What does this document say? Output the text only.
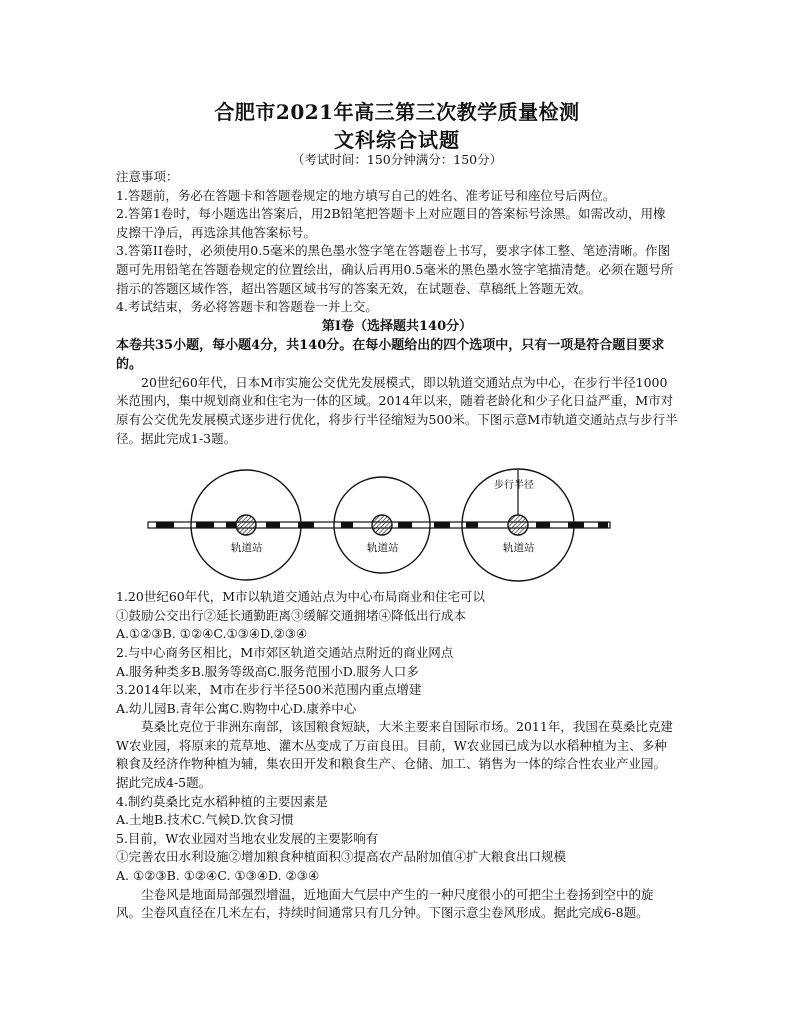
合肥市2021年高三第三次教学质量检测
文科综合试题
（考试时间：150分钟满分：150分）

注意事项：

1.答题前，务必在答题卡和答题卷规定的地方填写自己的姓名、准考证号和座位号后两位。

2.答第1卷时，每小题选出答案后，用2B铅笔把答题卡上对应题目的答案标号涂黑。如需改动，用橡皮擦干净后，再选涂其他答案标号。

3.答第II卷时，必须使用0.5毫米的黑色墨水签字笔在答题卷上书写，要求字体工整、笔迹清晰。作图题可先用铅笔在答题卷规定的位置绘出，确认后再用0.5毫米的黑色墨水签字笔描清楚。必须在题号所指示的答题区域作答，超出答题区域书写的答案无效，在试题卷、草稿纸上答题无效。

4.考试结束，务必将答题卡和答题卷一并上交。

第I卷（选择题共140分）

本卷共35小题，每小题4分，共140分。在每小题给出的四个选项中，只有一项是符合题目要求的。

20世纪60年代，日本M市实施公交优先发展模式，即以轨道交通站点为中心，在步行半径1000米范围内，集中规划商业和住宅为一体的区域。2014年以来，随着老龄化和少子化日益严重，M市对原有公交优先发展模式逐步进行优化，将步行半径缩短为500米。下图示意M市轨道交通站点与步行半径。据此完成1-3题。

轨道站	轨道站	轨道站
步行半径

1.20世纪60年代，M市以轨道交通站点为中心布局商业和住宅可以

①鼓励公交出行②延长通勤距离③缓解交通拥堵④降低出行成本

A.①②③B. ①②④C.①③④D.②③④

2.与中心商务区相比，M市郊区轨道交通站点附近的商业网点

A.服务种类多B.服务等级高C.服务范围小D.服务人口多

3.2014年以来，M市在步行半径500米范围内重点增建

A.幼儿园B.青年公寓C.购物中心D.康养中心

莫桑比克位于非洲东南部，该国粮食短缺，大米主要来自国际市场。2011年，我国在莫桑比克建W农业园，将原来的荒草地、灌木丛变成了万亩良田。目前，W农业园已成为以水稻种植为主、多种粮食及经济作物种植为辅，集农田开发和粮食生产、仓储、加工、销售为一体的综合性农业产业园。据此完成4-5题。

4.制约莫桑比克水稻种植的主要因素是

A.土地B.技术C.气候D.饮食习惯

5.目前，W农业园对当地农业发展的主要影响有

①完善农田水利设施②增加粮食种植面积③提高农产品附加值④扩大粮食出口规模

A. ①②③B. ①②④C. ①③④D. ②③④

尘卷风是地面局部强烈增温，近地面大气层中产生的一种尺度很小的可把尘土卷扬到空中的旋风。尘卷风直径在几米左右，持续时间通常只有几分钟。下图示意尘卷风形成。据此完成6-8题。
